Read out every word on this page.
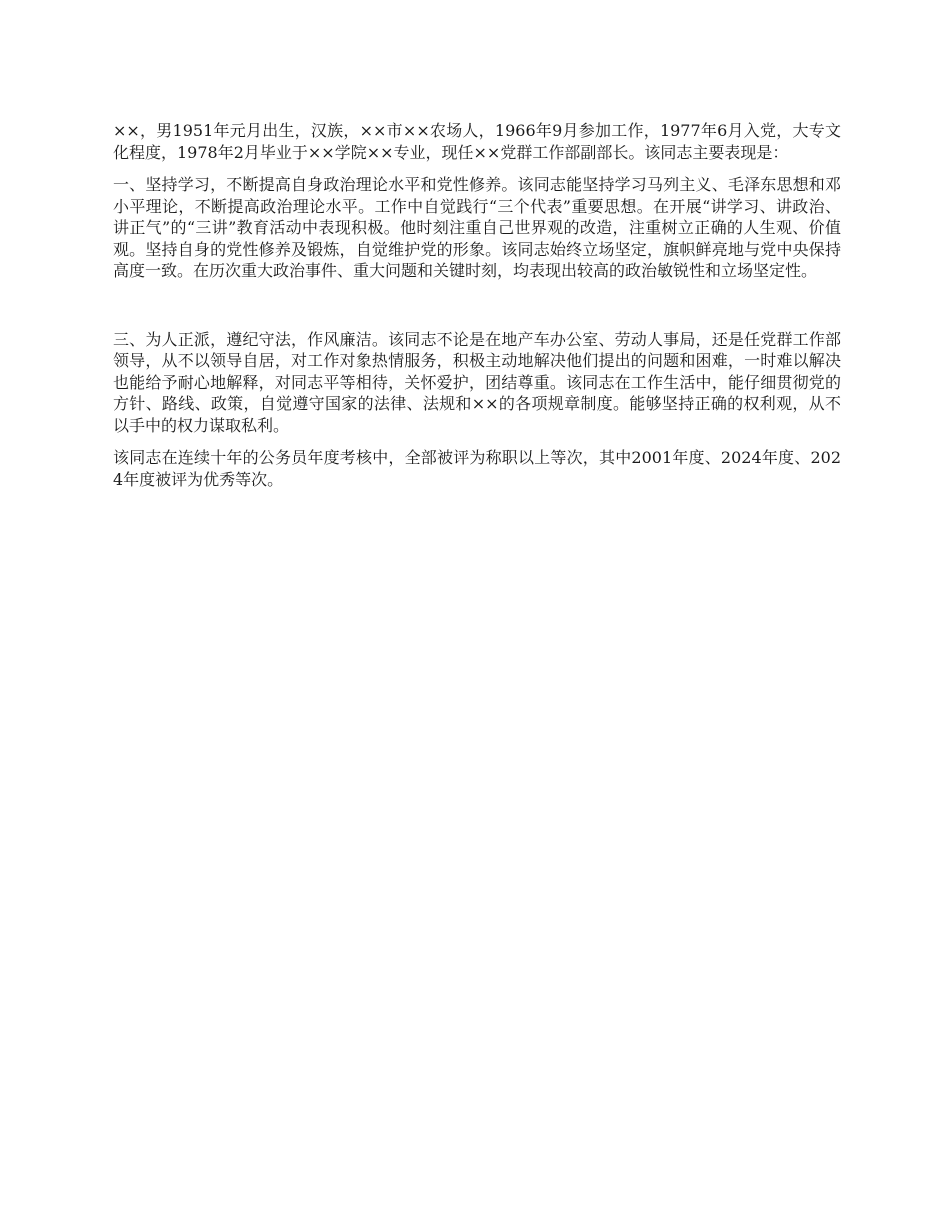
××，男1951年元月出生，汉族，××市××农场人，1966年9月参加工作，1977年6月入党，大专文化程度，1978年2月毕业于××学院××专业，现任××党群工作部副部长。该同志主要表现是：

一、坚持学习，不断提高自身政治理论水平和党性修养。该同志能坚持学习马列主义、毛泽东思想和邓小平理论，不断提高政治理论水平。工作中自觉践行“三个代表”重要思想。在开展“讲学习、讲政治、讲正气”的“三讲”教育活动中表现积极。他时刻注重自己世界观的改造，注重树立正确的人生观、价值观。坚持自身的党性修养及锻炼，自觉维护党的形象。该同志始终立场坚定，旗帜鲜亮地与党中央保持高度一致。在历次重大政治事件、重大问题和关键时刻，均表现出较高的政治敏锐性和立场坚定性。

三、为人正派，遵纪守法，作风廉洁。该同志不论是在地产车办公室、劳动人事局，还是任党群工作部领导，从不以领导自居，对工作对象热情服务，积极主动地解决他们提出的问题和困难，一时难以解决也能给予耐心地解释，对同志平等相待，关怀爱护，团结尊重。该同志在工作生活中，能仔细贯彻党的方针、路线、政策，自觉遵守国家的法律、法规和××的各项规章制度。能够坚持正确的权利观，从不以手中的权力谋取私利。

该同志在连续十年的公务员年度考核中，全部被评为称职以上等次，其中2001年度、2024年度、2024年度被评为优秀等次。
